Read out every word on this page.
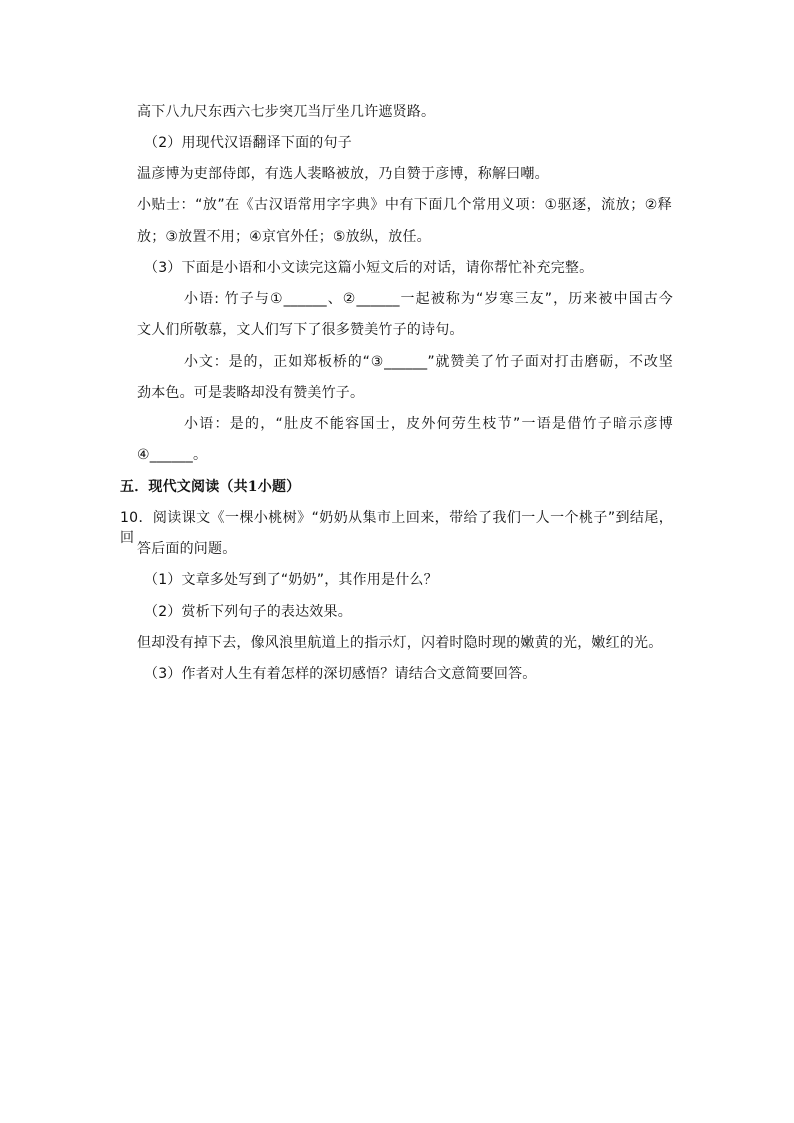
高下八九尺东西六七步突兀当厅坐几许遮贤路。
（2）用现代汉语翻译下面的句子
温彦博为吏部侍郎，有选人裴略被放，乃自赞于彦博，称解曰嘲。
小贴士：“放”在《古汉语常用字字典》中有下面几个常用义项：①驱逐，流放；②释
放；③放置不用；④京官外任；⑤放纵，放任。
（3）下面是小语和小文读完这篇小短文后的对话，请你帮忙补充完整。
小语: 竹子与①______、②______一起被称为“岁寒三友”，历来被中国古今
文人们所敬慕，文人们写下了很多赞美竹子的诗句。
小文：是的，正如郑板桥的“③______”就赞美了竹子面对打击磨砺，不改坚
劲本色。可是裴略却没有赞美竹子。
小语：是的，“肚皮不能容国士，皮外何劳生枝节”一语是借竹子暗示彦博
④______。
五．现代文阅读（共1小题）
10．阅读课文《一棵小桃树》“奶奶从集市上回来，带给了我们一人一个桃子”到结尾，回
答后面的问题。
（1）文章多处写到了“奶奶”，其作用是什么？
（2）赏析下列句子的表达效果。
但却没有掉下去，像风浪里航道上的指示灯，闪着时隐时现的嫩黄的光，嫩红的光。
（3）作者对人生有着怎样的深切感悟？请结合文意简要回答。
